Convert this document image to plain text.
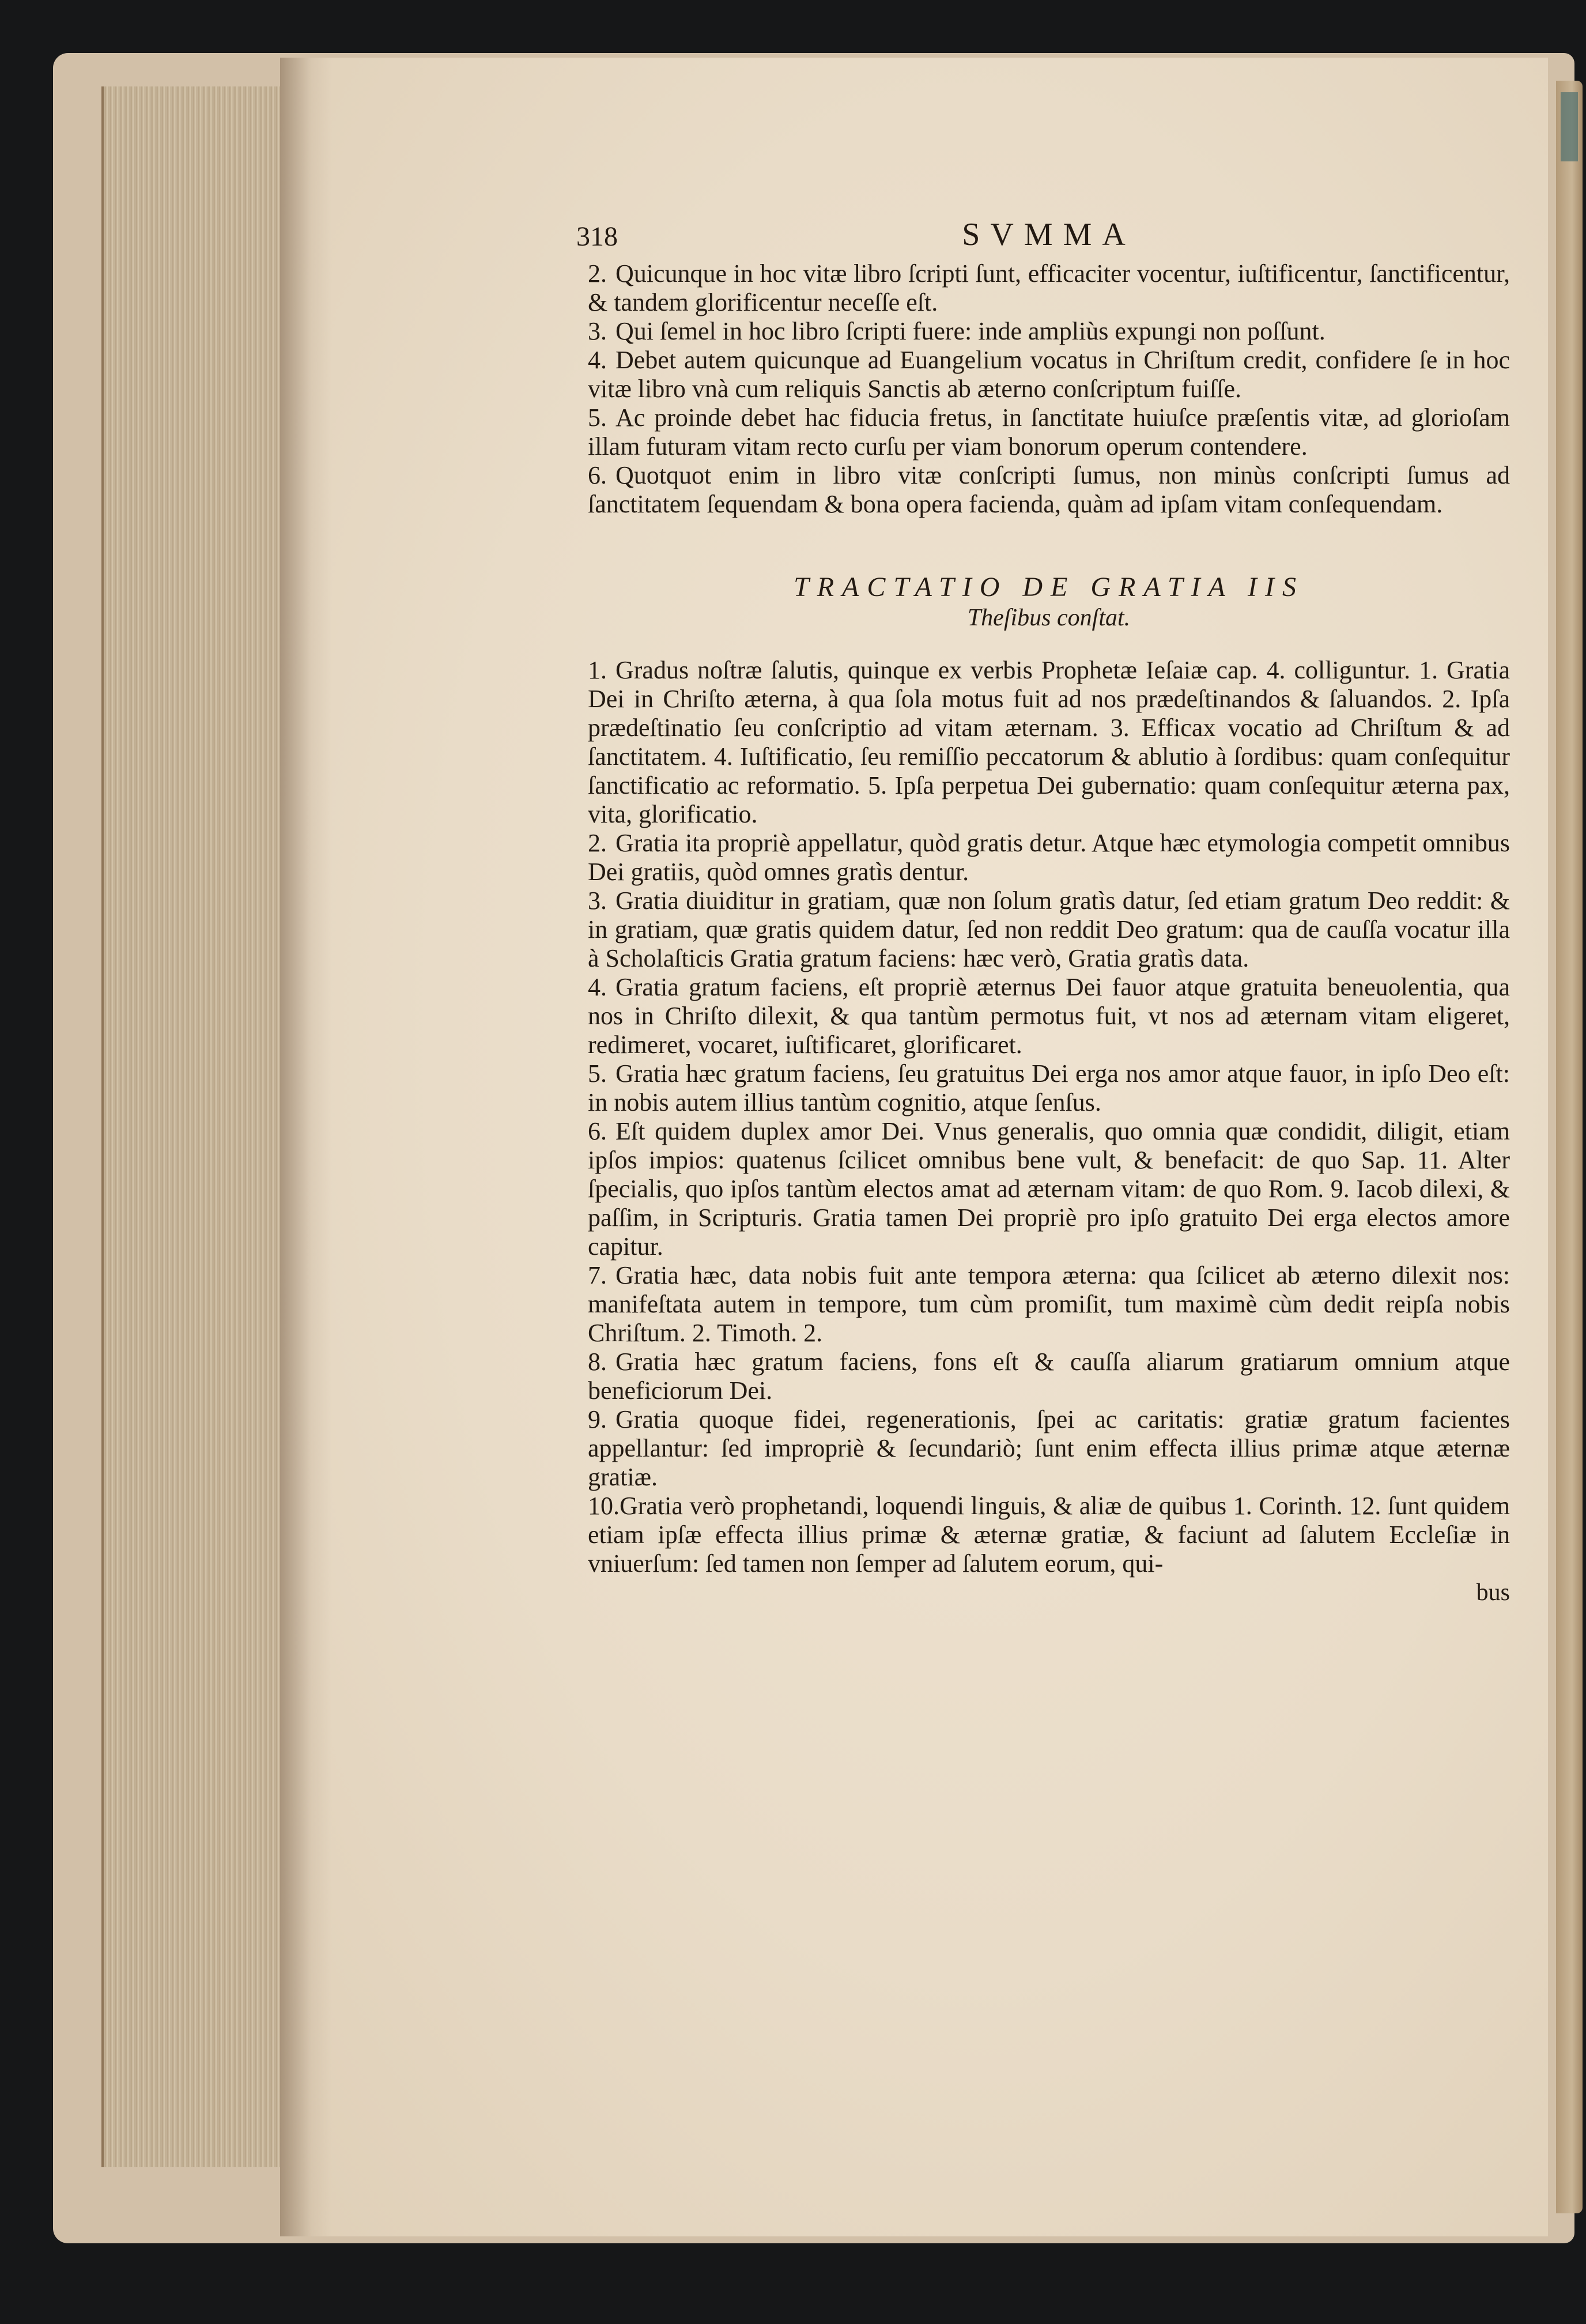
318	SVMMA

2. Quicunque in hoc vitæ libro ſcripti ſunt, efficaciter vocentur, iuſtificentur, ſanctificentur, & tandem glorificentur neceſſe eſt.

3. Qui ſemel in hoc libro ſcripti fuere: inde ampliùs expungi non poſſunt.

4. Debet autem quicunque ad Euangelium vocatus in Chriſtum credit, confidere ſe in hoc vitæ libro vnà cum reliquis Sanctis ab æterno conſcriptum fuiſſe.

5. Ac proinde debet hac fiducia fretus, in ſanctitate huiuſce præſentis vitæ, ad glorioſam illam futuram vitam recto curſu per viam bonorum operum contendere.

6. Quotquot enim in libro vitæ conſcripti ſumus, non minùs conſcripti ſumus ad ſanctitatem ſequendam & bona opera facienda, quàm ad ipſam vitam conſequendam.

TRACTATIO DE GRATIA IIS

Theſibus conſtat.

1. Gradus noſtræ ſalutis, quinque ex verbis Prophetæ Ieſaiæ cap. 4. colliguntur. 1. Gratia Dei in Chriſto æterna, à qua ſola motus fuit ad nos prædeſtinandos & ſaluandos. 2. Ipſa prædeſtinatio ſeu conſcriptio ad vitam æternam. 3. Efficax vocatio ad Chriſtum & ad ſanctitatem. 4. Iuſtificatio, ſeu remiſſio peccatorum & ablutio à ſordibus: quam conſequitur ſanctificatio ac reformatio. 5. Ipſa perpetua Dei gubernatio: quam conſequitur æterna pax, vita, glorificatio.

2. Gratia ita propriè appellatur, quòd gratis detur. Atque hæc etymologia competit omnibus Dei gratiis, quòd omnes gratìs dentur.

3. Gratia diuiditur in gratiam, quæ non ſolum gratìs datur, ſed etiam gratum Deo reddit: & in gratiam, quæ gratis quidem datur, ſed non reddit Deo gratum: qua de cauſſa vocatur illa à Scholaſticis Gratia gratum faciens: hæc verò, Gratia gratìs data.

4. Gratia gratum faciens, eſt propriè æternus Dei fauor atque gratuita beneuolentia, qua nos in Chriſto dilexit, & qua tantùm permotus fuit, vt nos ad æternam vitam eligeret, redimeret, vocaret, iuſtificaret, glorificaret.

5. Gratia hæc gratum faciens, ſeu gratuitus Dei erga nos amor atque fauor, in ipſo Deo eſt: in nobis autem illius tantùm cognitio, atque ſenſus.

6. Eſt quidem duplex amor Dei. Vnus generalis, quo omnia quæ condidit, diligit, etiam ipſos impios: quatenus ſcilicet omnibus bene vult, & benefacit: de quo Sap. 11. Alter ſpecialis, quo ipſos tantùm electos amat ad æternam vitam: de quo Rom. 9. Iacob dilexi, & paſſim, in Scripturis. Gratia tamen Dei propriè pro ipſo gratuito Dei erga electos amore capitur.

7. Gratia hæc, data nobis fuit ante tempora æterna: qua ſcilicet ab æterno dilexit nos: manifeſtata autem in tempore, tum cùm promiſit, tum maximè cùm dedit reipſa nobis Chriſtum. 2. Timoth. 2.

8. Gratia hæc gratum faciens, fons eſt & cauſſa aliarum gratiarum omnium atque beneficiorum Dei.

9. Gratia quoque fidei, regenerationis, ſpei ac caritatis: gratiæ gratum facientes appellantur: ſed impropriè & ſecundariò; ſunt enim effecta illius primæ atque æternæ gratiæ.

10.Gratia verò prophetandi, loquendi linguis, & aliæ de quibus 1. Corinth. 12. ſunt quidem etiam ipſæ effecta illius primæ & æternæ gratiæ, & faciunt ad ſalutem Eccleſiæ in vniuerſum: ſed tamen non ſemper ad ſalutem eorum, qui-

bus
